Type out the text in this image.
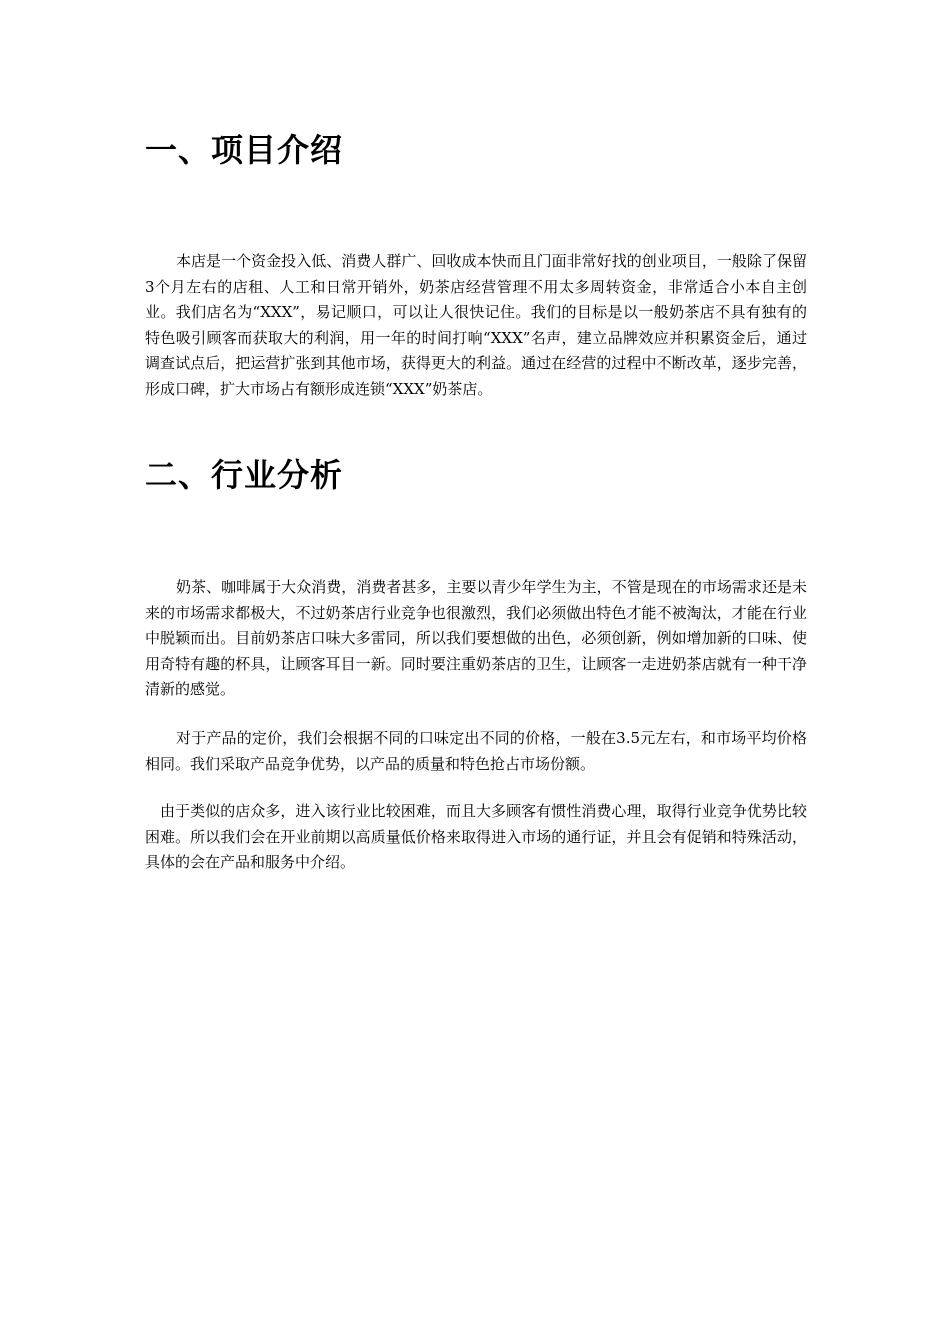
一、项目介绍

本店是一个资金投入低、消费人群广、回收成本快而且门面非常好找的创业项目，一般除了保留3个月左右的店租、人工和日常开销外，奶茶店经营管理不用太多周转资金，非常适合小本自主创业。我们店名为“XXX”，易记顺口，可以让人很快记住。我们的目标是以一般奶茶店不具有独有的特色吸引顾客而获取大的利润，用一年的时间打响“XXX”名声，建立品牌效应并积累资金后，通过调查试点后，把运营扩张到其他市场，获得更大的利益。通过在经营的过程中不断改革，逐步完善，形成口碑，扩大市场占有额形成连锁“XXX”奶茶店。

二、行业分析

奶茶、咖啡属于大众消费，消费者甚多，主要以青少年学生为主，不管是现在的市场需求还是未来的市场需求都极大，不过奶茶店行业竞争也很激烈，我们必须做出特色才能不被淘汰，才能在行业中脱颖而出。目前奶茶店口味大多雷同，所以我们要想做的出色，必须创新，例如增加新的口味、使用奇特有趣的杯具，让顾客耳目一新。同时要注重奶茶店的卫生，让顾客一走进奶茶店就有一种干净清新的感觉。

对于产品的定价，我们会根据不同的口味定出不同的价格，一般在3.5元左右，和市场平均价格相同。我们采取产品竞争优势，以产品的质量和特色抢占市场份额。

由于类似的店众多，进入该行业比较困难，而且大多顾客有惯性消费心理，取得行业竞争优势比较困难。所以我们会在开业前期以高质量低价格来取得进入市场的通行证，并且会有促销和特殊活动，具体的会在产品和服务中介绍。
